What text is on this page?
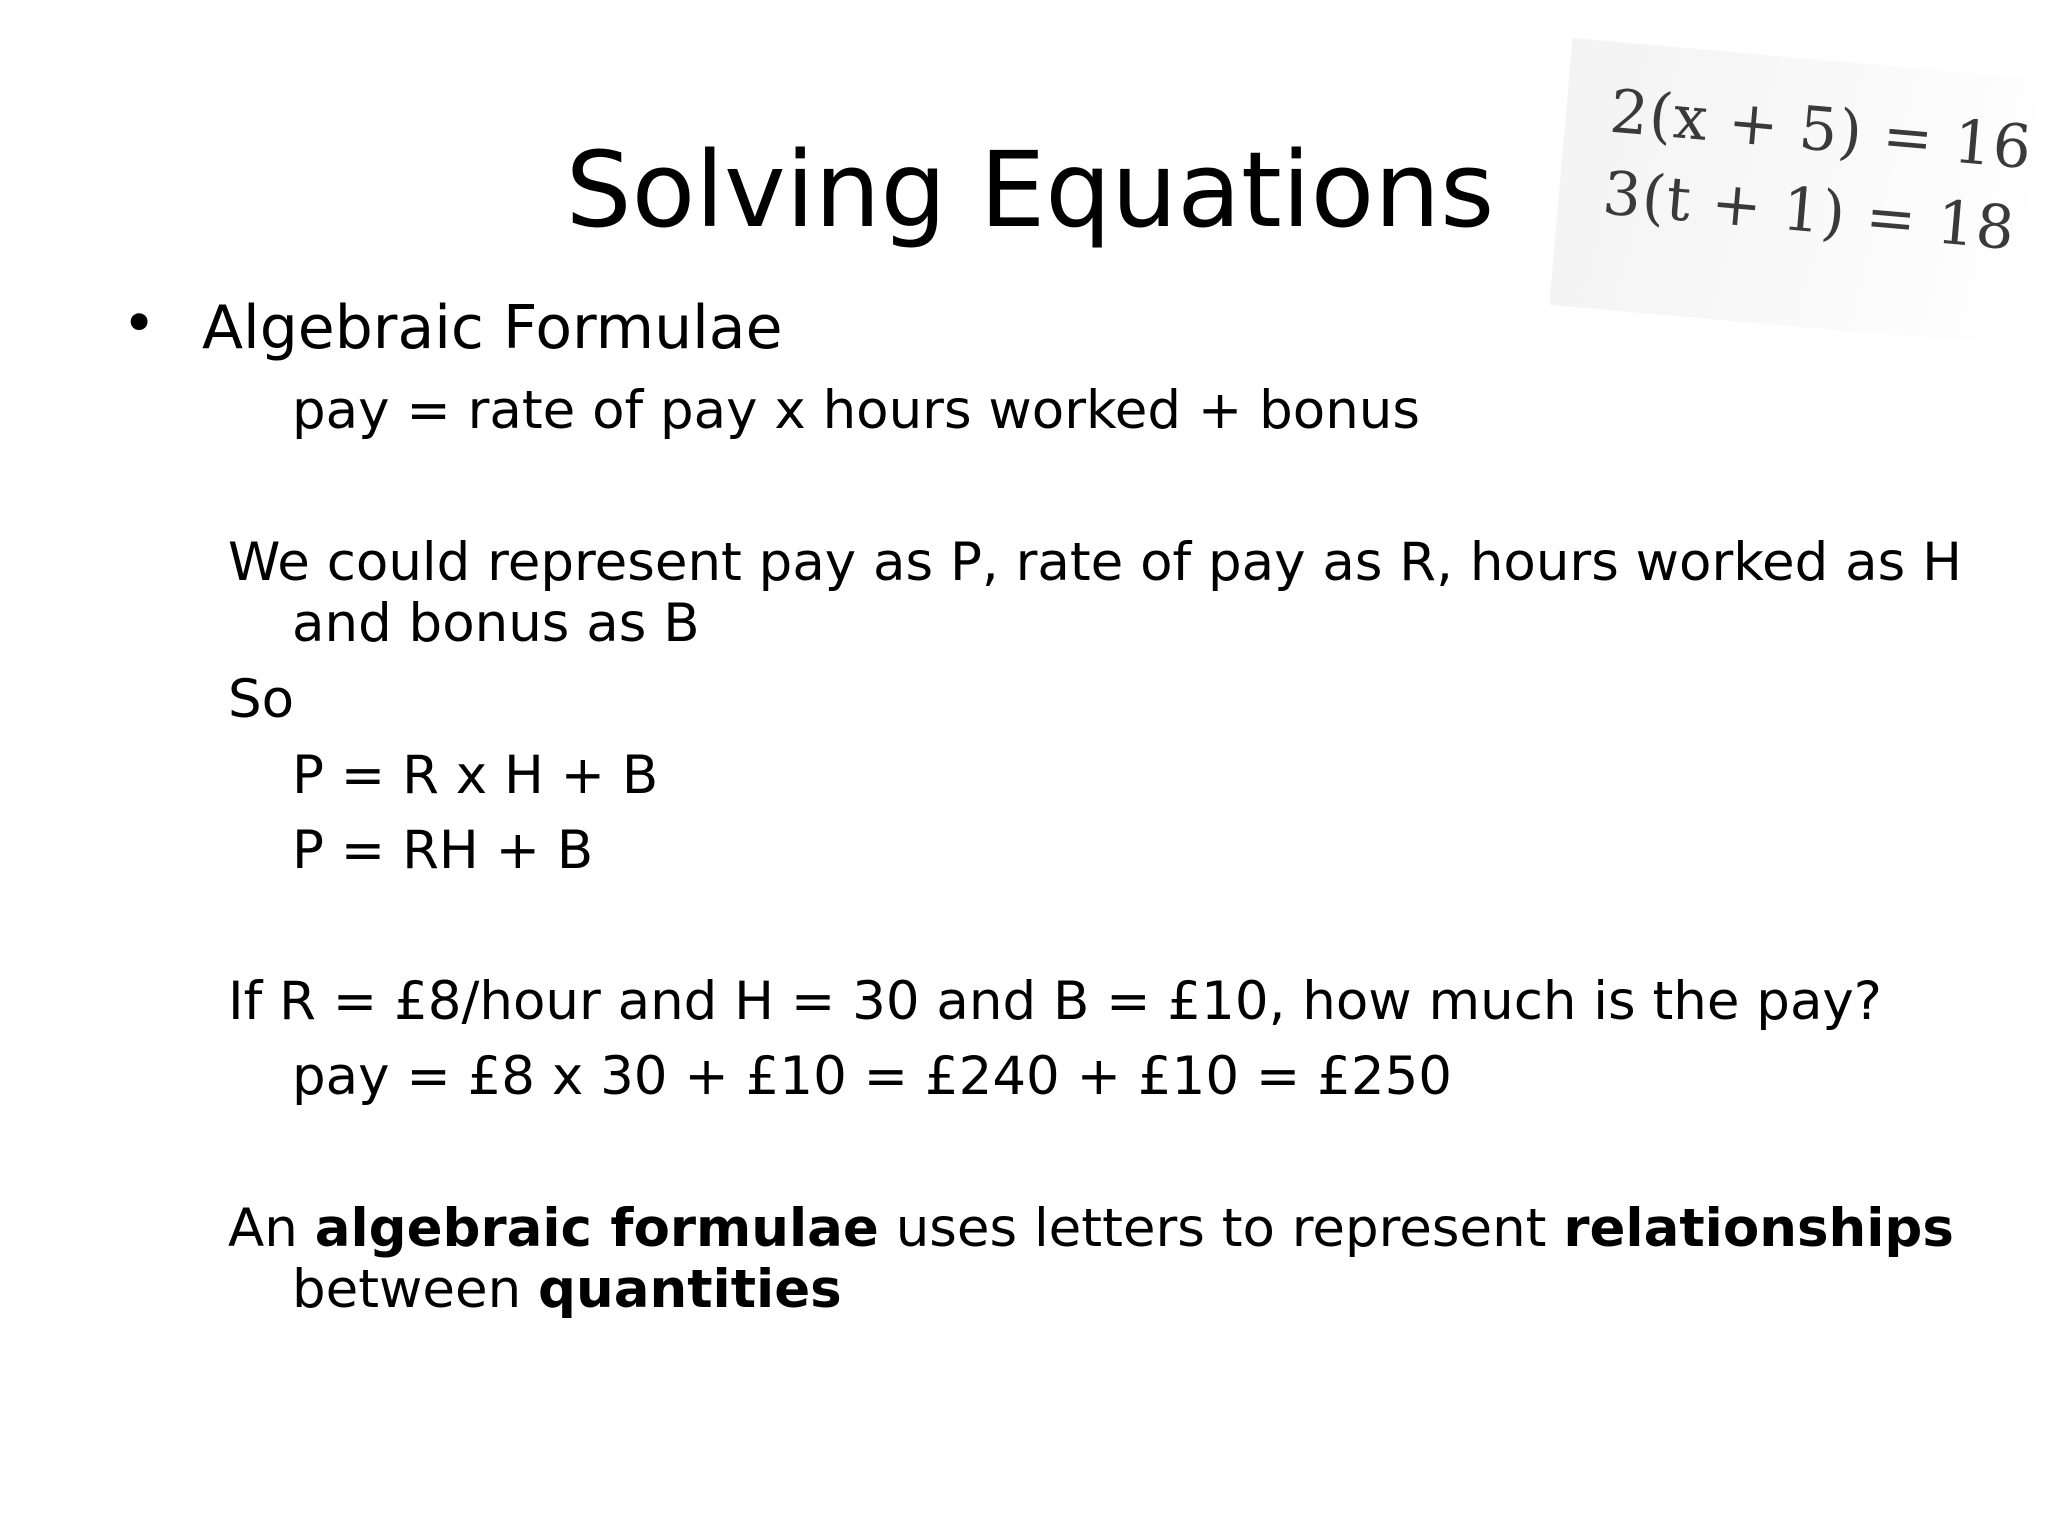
Solving Equations	2(x + 5) = 16
3(t + 1) = 18
• Algebraic Formulae
pay = rate of pay x hours worked + bonus
We could represent pay as P, rate of pay as R, hours worked as H and bonus as B
So
P = R x H + B
P = RH + B
If R = £8/hour and H = 30 and B = £10, how much is the pay?
pay = £8 x 30 + £10 = £240 + £10 = £250
An algebraic formulae uses letters to represent relationships between quantities
